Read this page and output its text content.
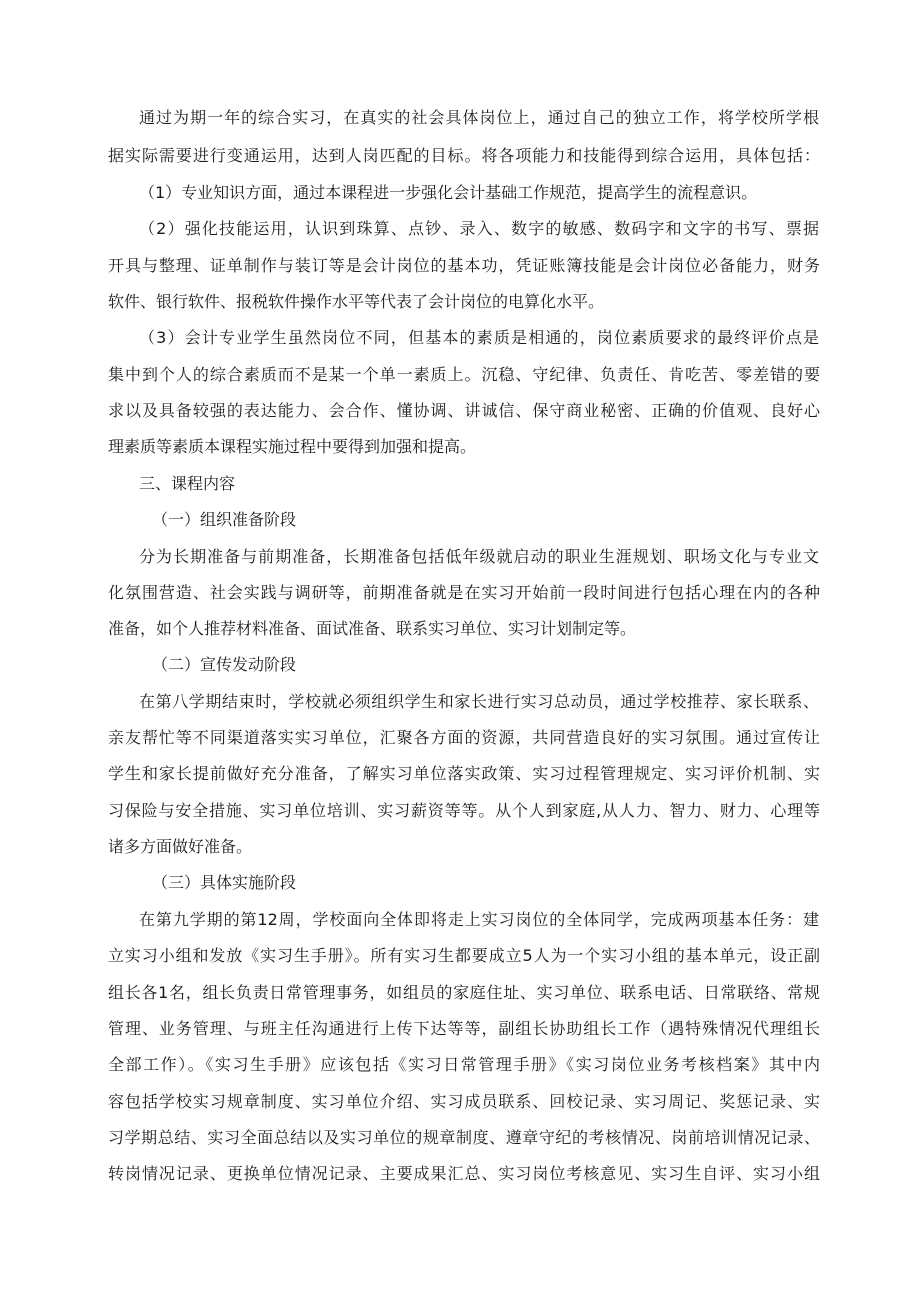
通过为期一年的综合实习，在真实的社会具体岗位上，通过自己的独立工作，将学校所学根
据实际需要进行变通运用，达到人岗匹配的目标。将各项能力和技能得到综合运用，具体包括：
（1）专业知识方面，通过本课程进一步强化会计基础工作规范，提高学生的流程意识。
（2）强化技能运用，认识到珠算、点钞、录入、数字的敏感、数码字和文字的书写、票据
开具与整理、证单制作与装订等是会计岗位的基本功，凭证账簿技能是会计岗位必备能力，财务
软件、银行软件、报税软件操作水平等代表了会计岗位的电算化水平。
（3）会计专业学生虽然岗位不同，但基本的素质是相通的，岗位素质要求的最终评价点是
集中到个人的综合素质而不是某一个单一素质上。沉稳、守纪律、负责任、肯吃苦、零差错的要
求以及具备较强的表达能力、会合作、懂协调、讲诚信、保守商业秘密、正确的价值观、良好心
理素质等素质本课程实施过程中要得到加强和提高。
三、课程内容
（一）组织准备阶段
分为长期准备与前期准备，长期准备包括低年级就启动的职业生涯规划、职场文化与专业文
化氛围营造、社会实践与调研等，前期准备就是在实习开始前一段时间进行包括心理在内的各种
准备，如个人推荐材料准备、面试准备、联系实习单位、实习计划制定等。
（二）宣传发动阶段
在第八学期结束时，学校就必须组织学生和家长进行实习总动员，通过学校推荐、家长联系、
亲友帮忙等不同渠道落实实习单位，汇聚各方面的资源，共同营造良好的实习氛围。通过宣传让
学生和家长提前做好充分准备，了解实习单位落实政策、实习过程管理规定、实习评价机制、实
习保险与安全措施、实习单位培训、实习薪资等等。从个人到家庭,从人力、智力、财力、心理等
诸多方面做好准备。
（三）具体实施阶段
在第九学期的第12周，学校面向全体即将走上实习岗位的全体同学，完成两项基本任务：建
立实习小组和发放《实习生手册》。所有实习生都要成立5人为一个实习小组的基本单元，设正副
组长各1名，组长负责日常管理事务，如组员的家庭住址、实习单位、联系电话、日常联络、常规
管理、业务管理、与班主任沟通进行上传下达等等，副组长协助组长工作（遇特殊情况代理组长
全部工作）。《实习生手册》应该包括《实习日常管理手册》《实习岗位业务考核档案》其中内
容包括学校实习规章制度、实习单位介绍、实习成员联系、回校记录、实习周记、奖惩记录、实
习学期总结、实习全面总结以及实习单位的规章制度、遵章守纪的考核情况、岗前培训情况记录、
转岗情况记录、更换单位情况记录、主要成果汇总、实习岗位考核意见、实习生自评、实习小组
